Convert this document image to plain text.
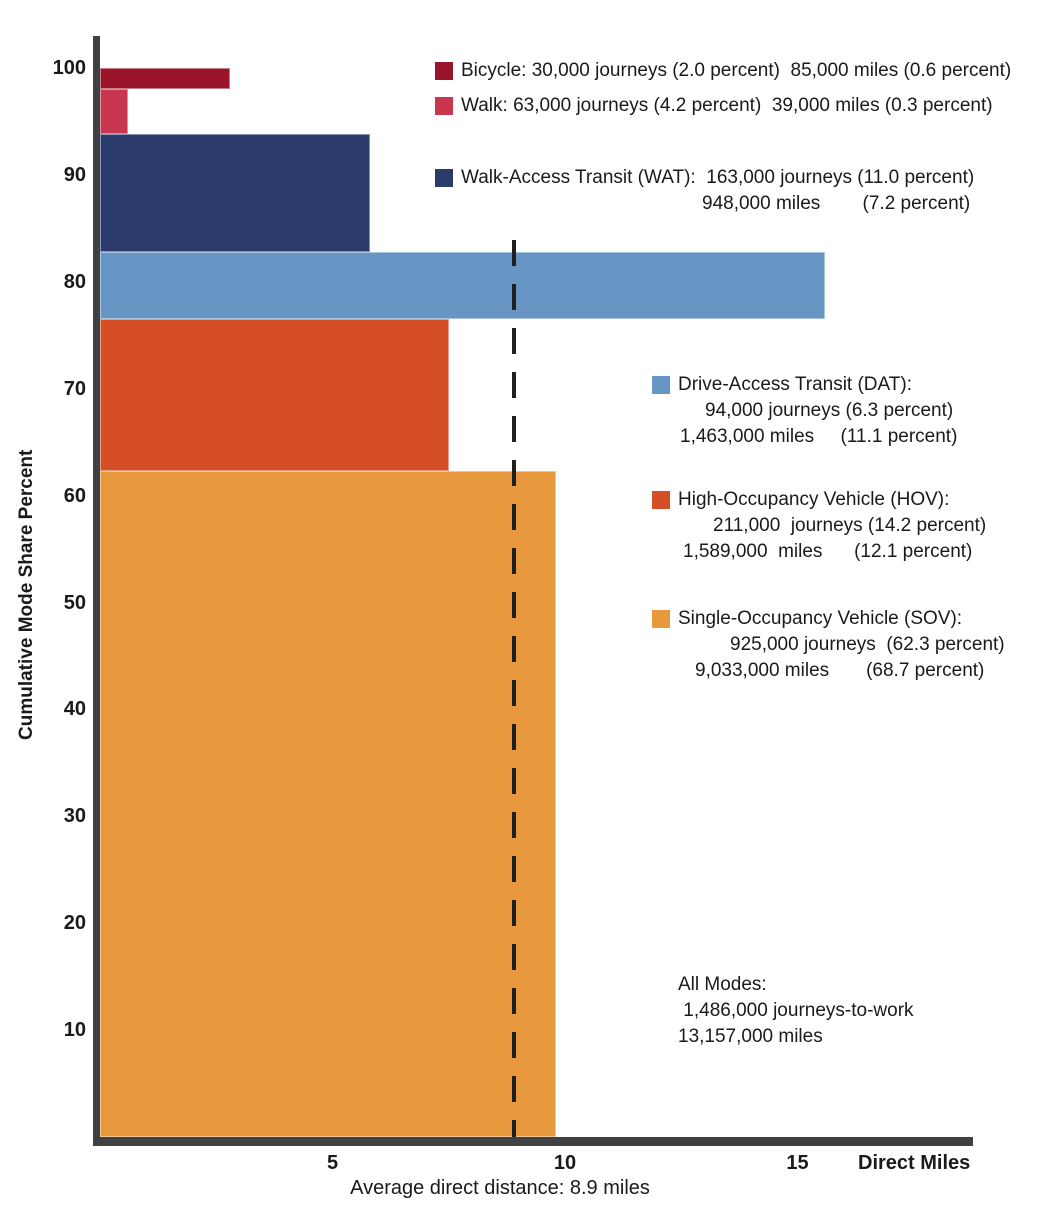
Cumulative Mode Share Percent
10
20
30
40
50
60
70
80
90
100
5	10	15	Direct Miles
Average direct distance: 8.9 miles
Bicycle: 30,000 journeys (2.0 percent)  85,000 miles (0.6 percent)
Walk: 63,000 journeys (4.2 percent)  39,000 miles (0.3 percent)
Walk-Access Transit (WAT):  163,000 journeys (11.0 percent)
948,000 miles        (7.2 percent)
Drive-Access Transit (DAT):
94,000 journeys (6.3 percent)
1,463,000 miles     (11.1 percent)
High-Occupancy Vehicle (HOV):
211,000  journeys (14.2 percent)
1,589,000  miles      (12.1 percent)
Single-Occupancy Vehicle (SOV):
925,000 journeys  (62.3 percent)
9,033,000 miles       (68.7 percent)
All Modes:
1,486,000 journeys-to-work
13,157,000 miles
